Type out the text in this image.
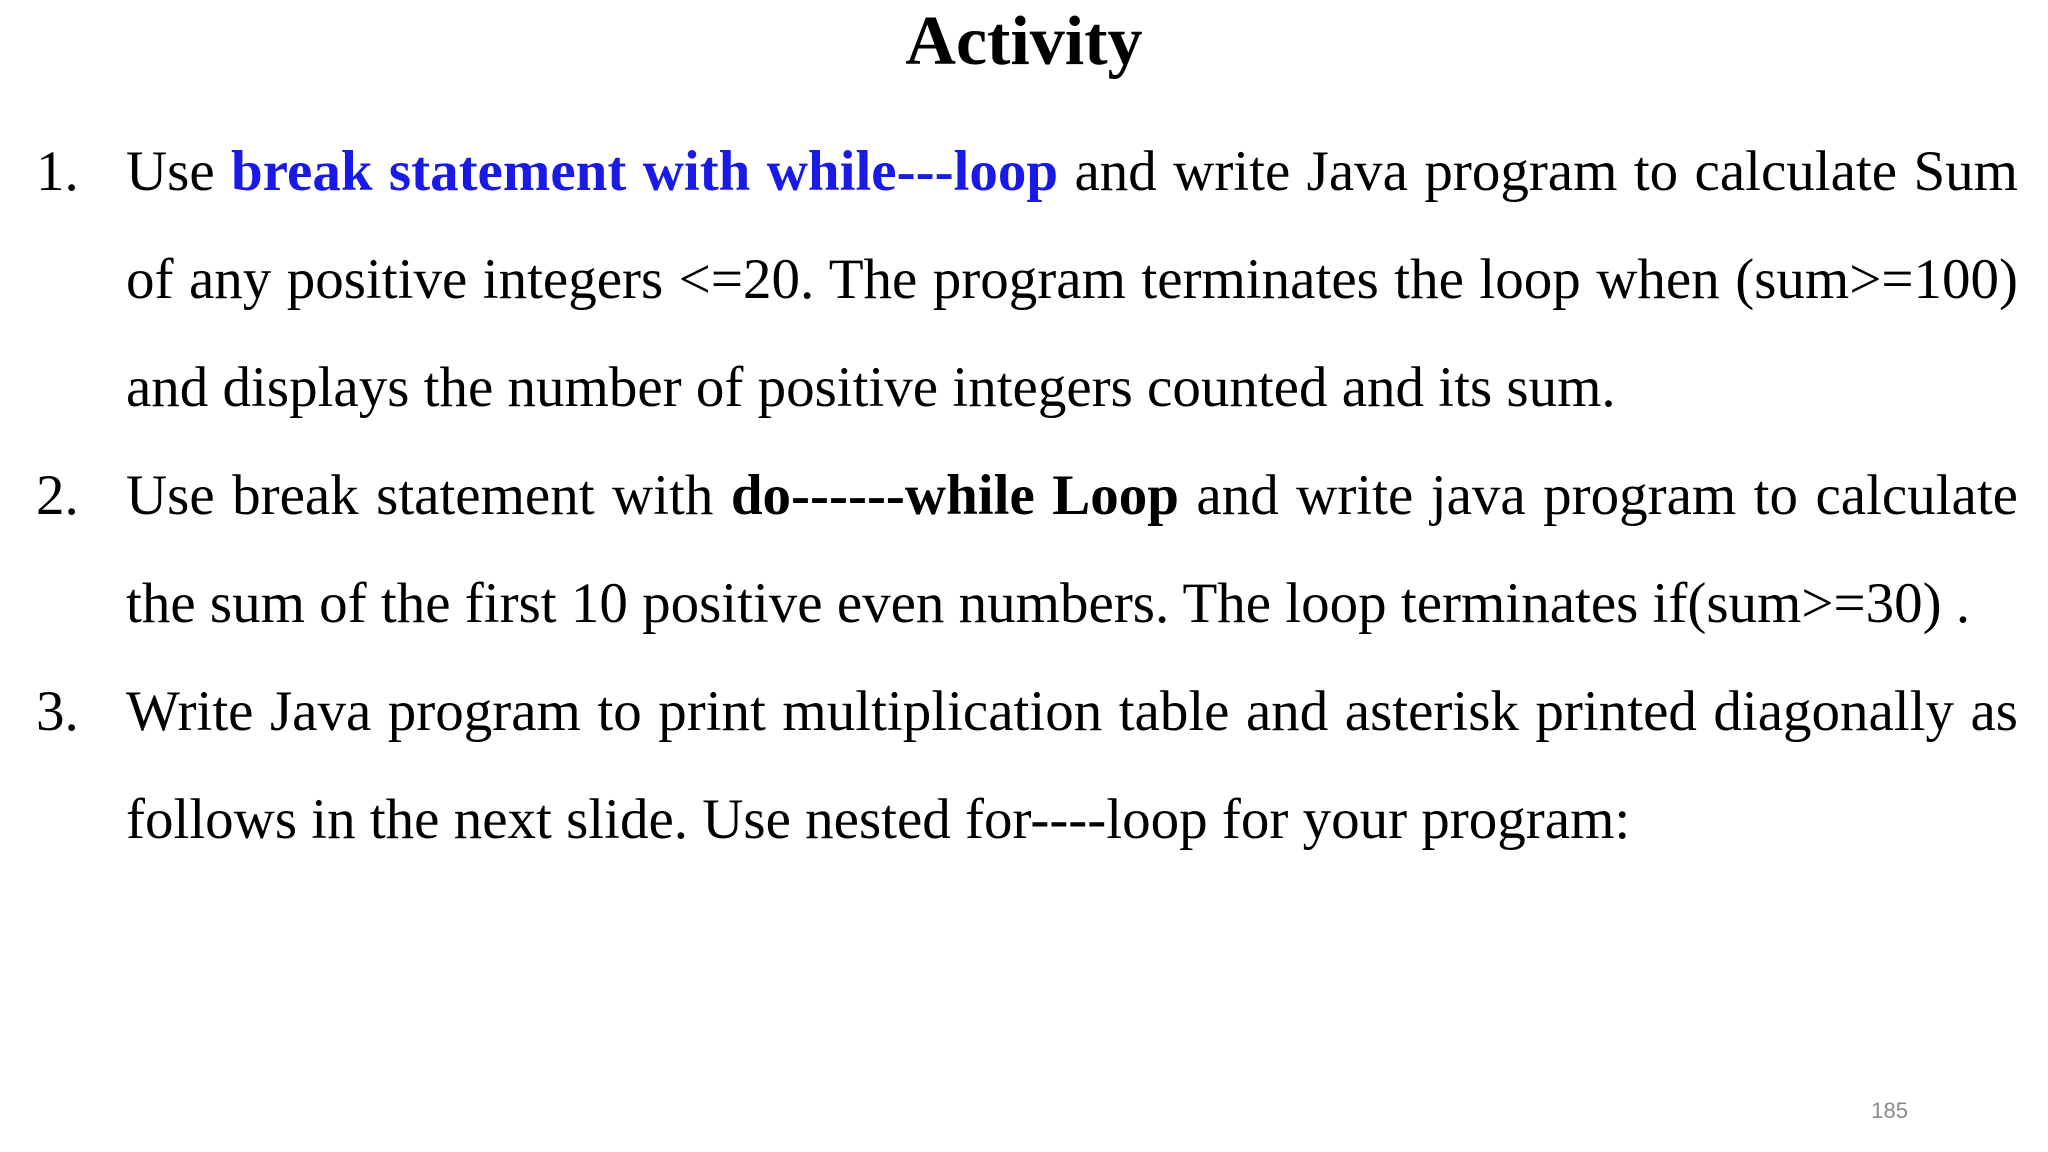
Activity
1. Use break statement with while---loop and write Java program to calculate Sum of any positive integers <=20. The program terminates the loop when (sum>=100) and displays the number of positive integers counted and its sum.
2. Use break statement with do------while Loop and write java program to calculate the sum of the first 10 positive even numbers. The loop terminates if(sum>=30) .
3. Write Java program to print multiplication table and asterisk printed diagonally as follows in the next slide. Use nested for----loop for your program:
185
